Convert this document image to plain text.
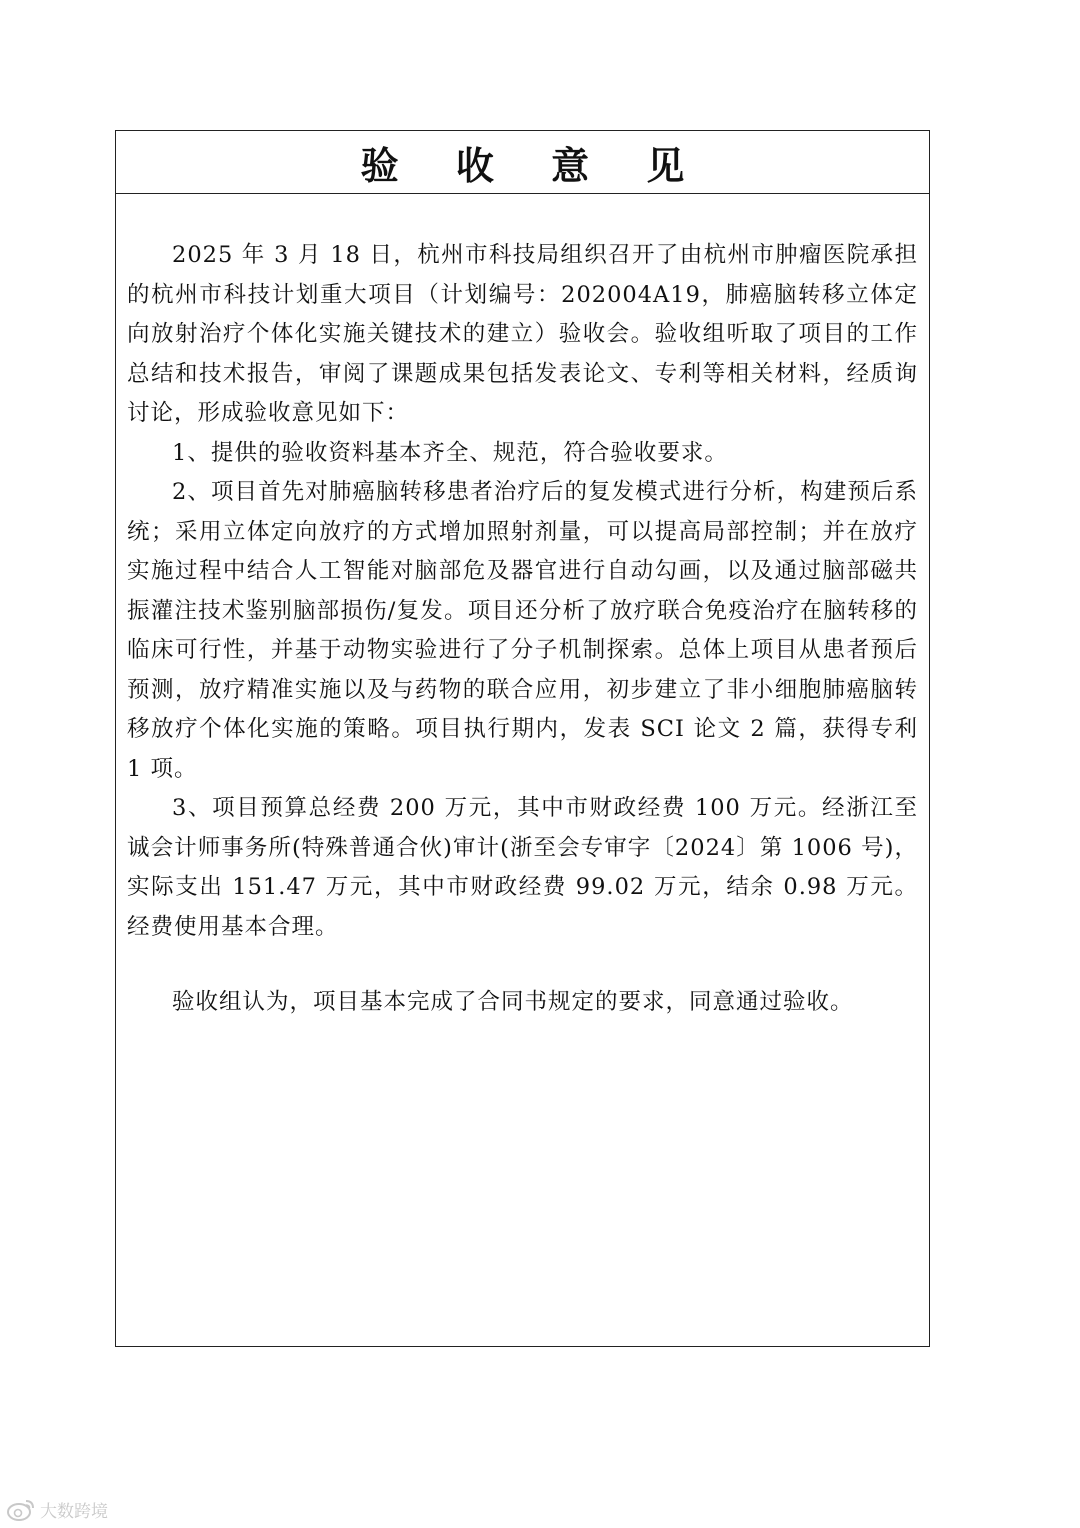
验 收 意 见

2025 年 3 月 18 日，杭州市科技局组织召开了由杭州市肿瘤医院承担的杭州市科技计划重大项目（计划编号：202004A19，肺癌脑转移立体定向放射治疗个体化实施关键技术的建立）验收会。验收组听取了项目的工作总结和技术报告，审阅了课题成果包括发表论文、专利等相关材料，经质询讨论，形成验收意见如下：

1、提供的验收资料基本齐全、规范，符合验收要求。

2、项目首先对肺癌脑转移患者治疗后的复发模式进行分析，构建预后系统；采用立体定向放疗的方式增加照射剂量，可以提高局部控制；并在放疗实施过程中结合人工智能对脑部危及器官进行自动勾画，以及通过脑部磁共振灌注技术鉴别脑部损伤/复发。项目还分析了放疗联合免疫治疗在脑转移的临床可行性，并基于动物实验进行了分子机制探索。总体上项目从患者预后预测，放疗精准实施以及与药物的联合应用，初步建立了非小细胞肺癌脑转移放疗个体化实施的策略。项目执行期内，发表 SCI 论文 2 篇，获得专利 1 项。

3、项目预算总经费 200 万元，其中市财政经费 100 万元。经浙江至诚会计师事务所(特殊普通合伙)审计(浙至会专审字〔2024〕第 1006 号)，实际支出 151.47 万元，其中市财政经费 99.02 万元，结余 0.98 万元。经费使用基本合理。

验收组认为，项目基本完成了合同书规定的要求，同意通过验收。

大数跨境
